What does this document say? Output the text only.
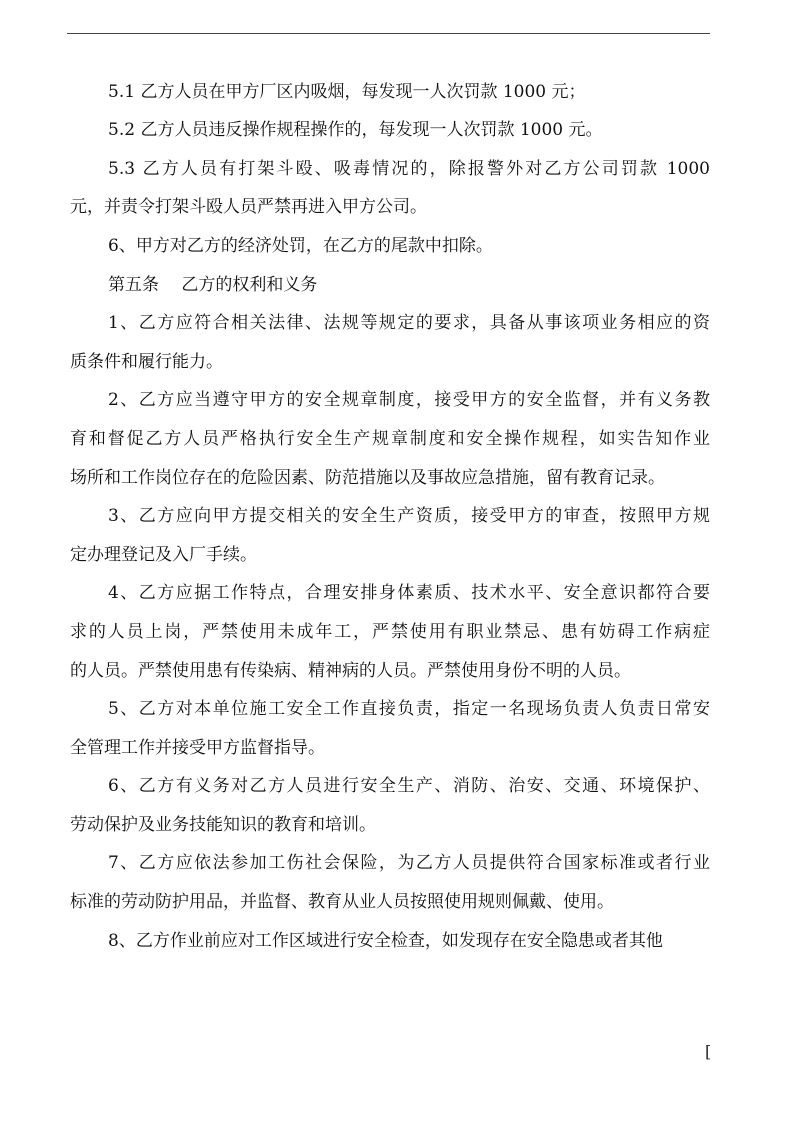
5.1 乙方人员在甲方厂区内吸烟，每发现一人次罚款 1000 元；
5.2 乙方人员违反操作规程操作的，每发现一人次罚款 1000 元。
5.3 乙方人员有打架斗殴、吸毒情况的，除报警外对乙方公司罚款 1000
元，并责令打架斗殴人员严禁再进入甲方公司。
6、甲方对乙方的经济处罚，在乙方的尾款中扣除。
第五条　 乙方的权利和义务
1、乙方应符合相关法律、法规等规定的要求，具备从事该项业务相应的资
质条件和履行能力。
2、乙方应当遵守甲方的安全规章制度，接受甲方的安全监督，并有义务教
育和督促乙方人员严格执行安全生产规章制度和安全操作规程，如实告知作业
场所和工作岗位存在的危险因素、防范措施以及事故应急措施，留有教育记录。
3、乙方应向甲方提交相关的安全生产资质，接受甲方的审查，按照甲方规
定办理登记及入厂手续。
4、乙方应据工作特点，合理安排身体素质、技术水平、安全意识都符合要
求的人员上岗，严禁使用未成年工，严禁使用有职业禁忌、患有妨碍工作病症
的人员。严禁使用患有传染病、精神病的人员。严禁使用身份不明的人员。
5、乙方对本单位施工安全工作直接负责，指定一名现场负责人负责日常安
全管理工作并接受甲方监督指导。
6、乙方有义务对乙方人员进行安全生产、消防、治安、交通、环境保护、
劳动保护及业务技能知识的教育和培训。
7、乙方应依法参加工伤社会保险，为乙方人员提供符合国家标准或者行业
标准的劳动防护用品，并监督、教育从业人员按照使用规则佩戴、使用。
8、乙方作业前应对工作区域进行安全检查，如发现存在安全隐患或者其他
[
